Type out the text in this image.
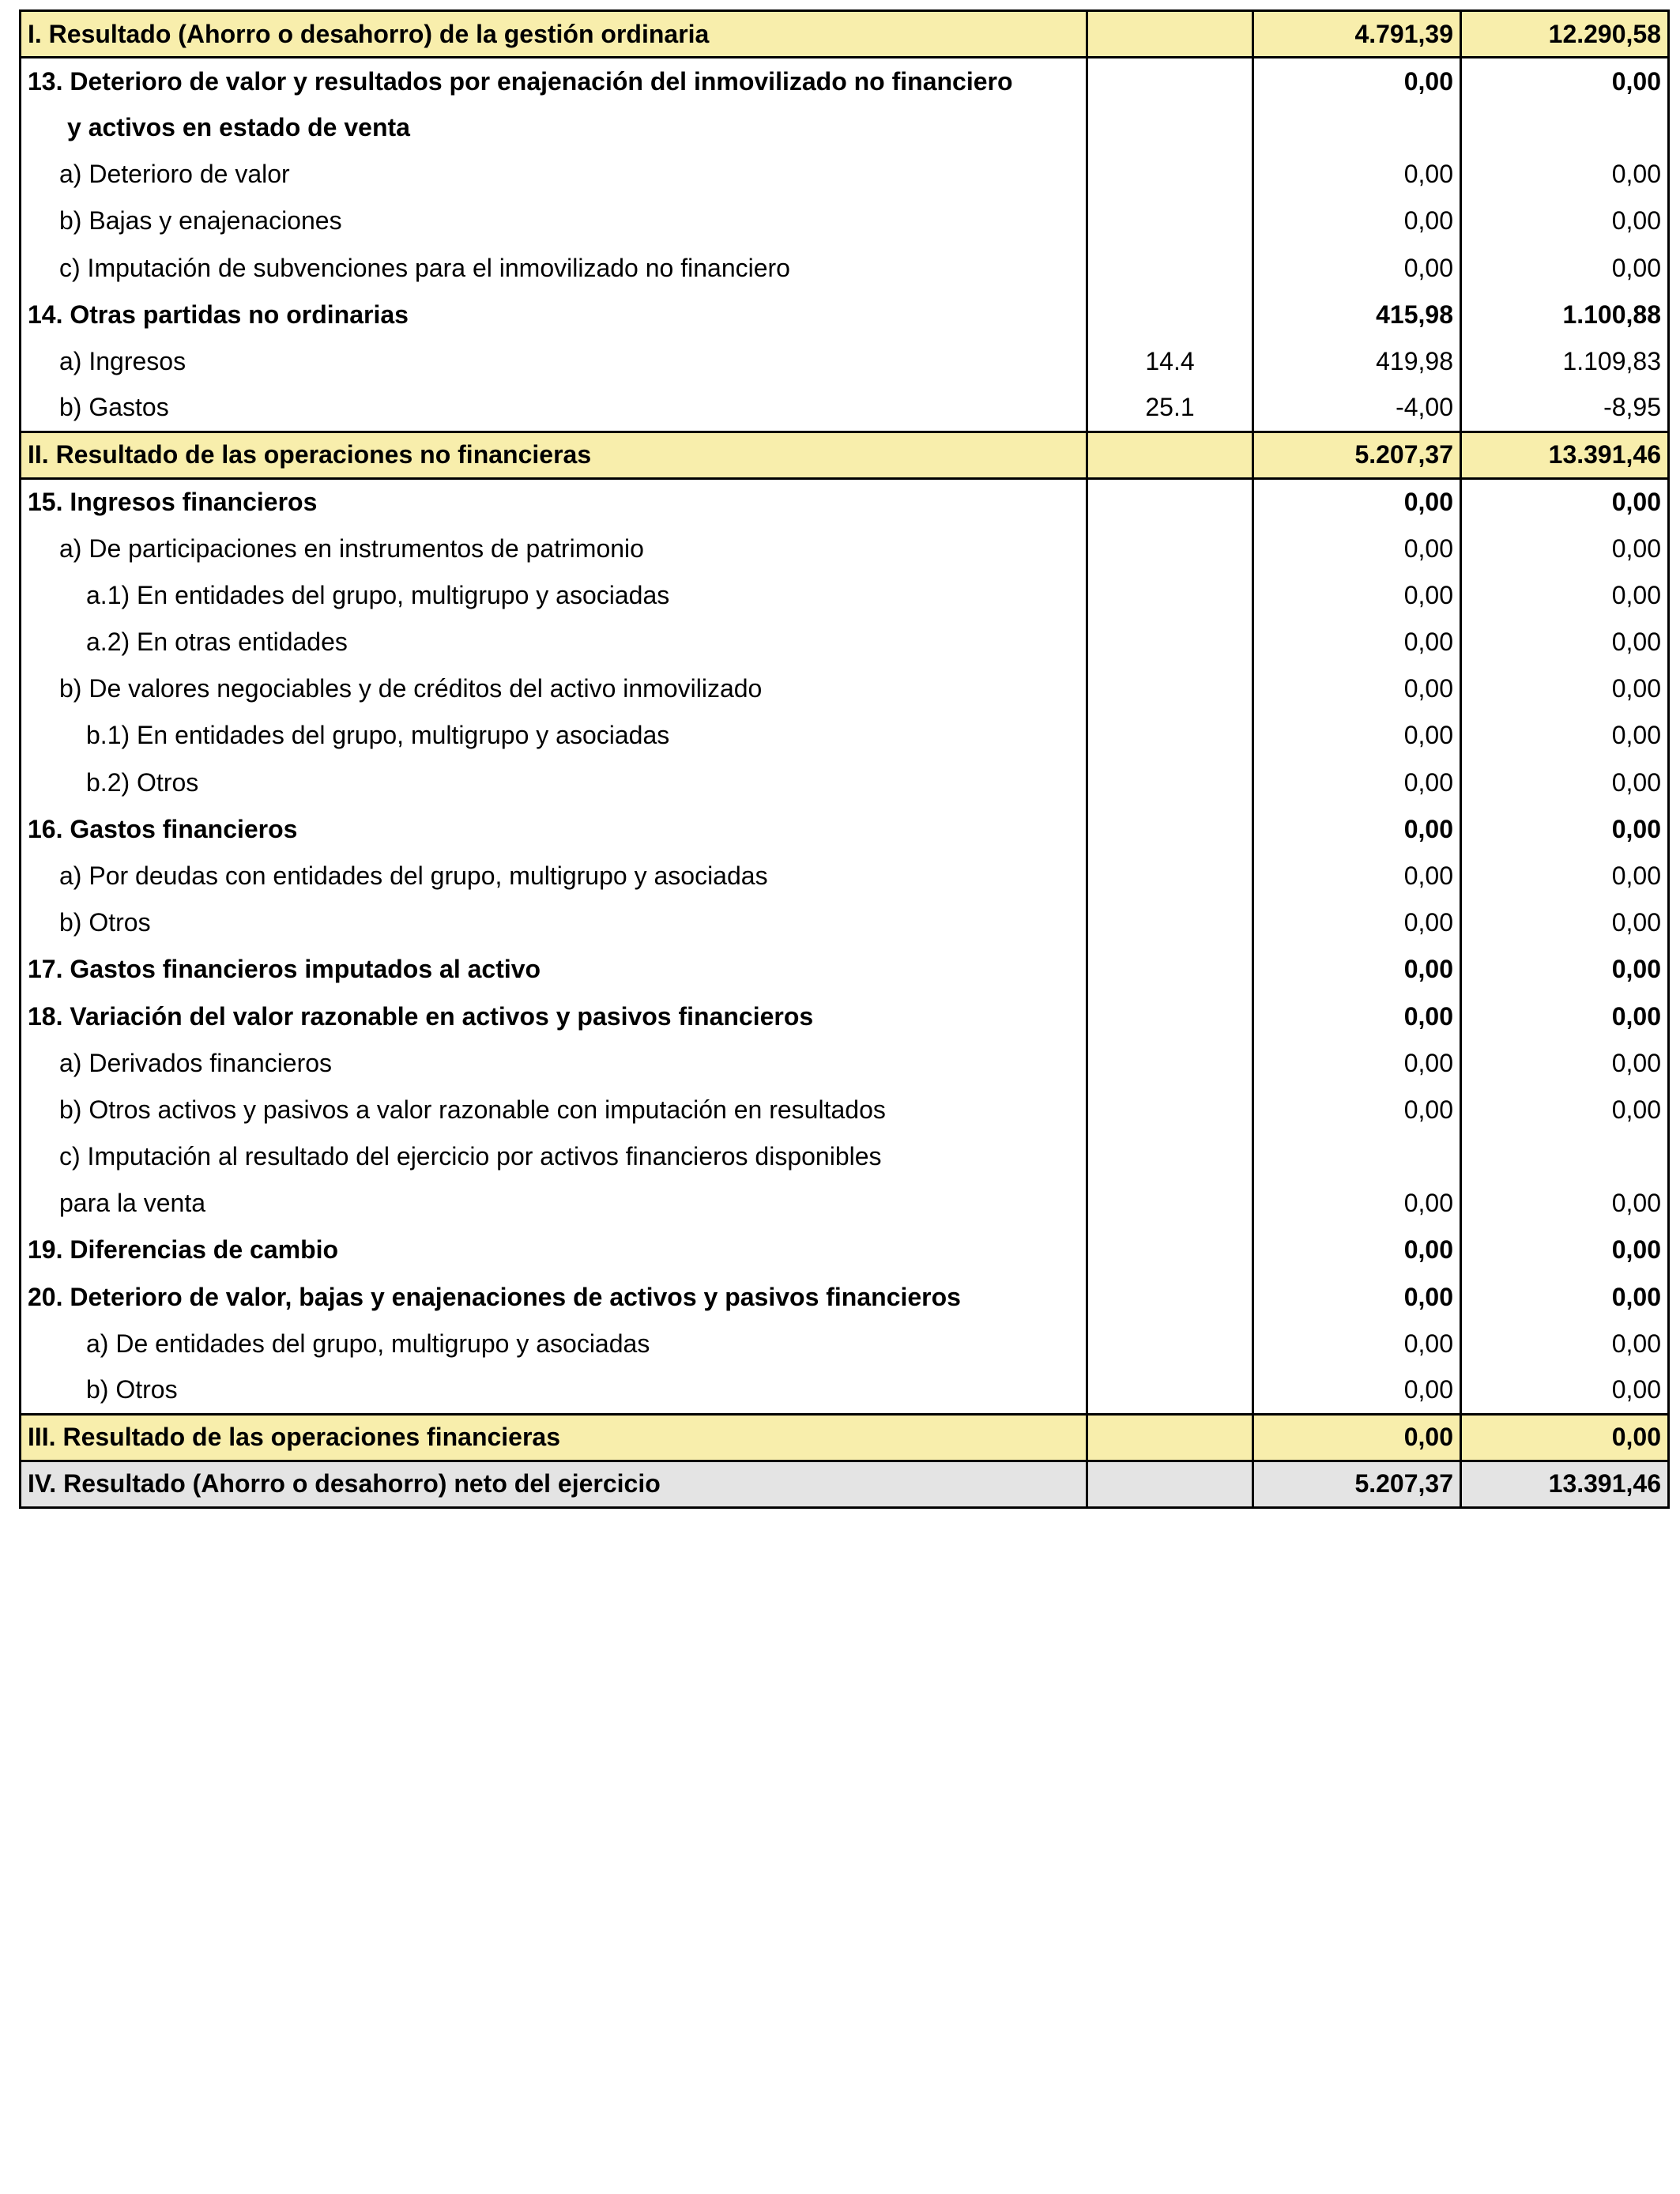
I. Resultado (Ahorro o desahorro) de la gestión ordinaria		4.791,39	12.290,58
13. Deterioro de valor y resultados por enajenación del inmovilizado no financiero		0,00	0,00
y activos en estado de venta			
a) Deterioro de valor		0,00	0,00
b) Bajas y enajenaciones		0,00	0,00
c) Imputación de subvenciones para el inmovilizado no financiero		0,00	0,00
14. Otras partidas no ordinarias		415,98	1.100,88
a) Ingresos	14.4	419,98	1.109,83
b) Gastos	25.1	-4,00	-8,95
II. Resultado de las operaciones no financieras		5.207,37	13.391,46
15. Ingresos financieros		0,00	0,00
a) De participaciones en instrumentos de patrimonio		0,00	0,00
a.1) En entidades del grupo, multigrupo y asociadas		0,00	0,00
a.2) En otras entidades		0,00	0,00
b) De valores negociables y de créditos del activo inmovilizado		0,00	0,00
b.1) En entidades del grupo, multigrupo y asociadas		0,00	0,00
b.2) Otros		0,00	0,00
16. Gastos financieros		0,00	0,00
a) Por deudas con entidades del grupo, multigrupo y asociadas		0,00	0,00
b) Otros		0,00	0,00
17. Gastos financieros imputados al activo		0,00	0,00
18. Variación del valor razonable en activos y pasivos financieros		0,00	0,00
a) Derivados financieros		0,00	0,00
b) Otros activos y pasivos a valor razonable con imputación en resultados		0,00	0,00
c) Imputación al resultado del ejercicio por activos financieros disponibles			
para la venta		0,00	0,00
19. Diferencias de cambio		0,00	0,00
20. Deterioro de valor, bajas y enajenaciones de activos y pasivos financieros		0,00	0,00
a) De entidades del grupo, multigrupo y asociadas		0,00	0,00
b) Otros		0,00	0,00
III. Resultado de las operaciones financieras		0,00	0,00
IV. Resultado (Ahorro o desahorro) neto del ejercicio		5.207,37	13.391,46
